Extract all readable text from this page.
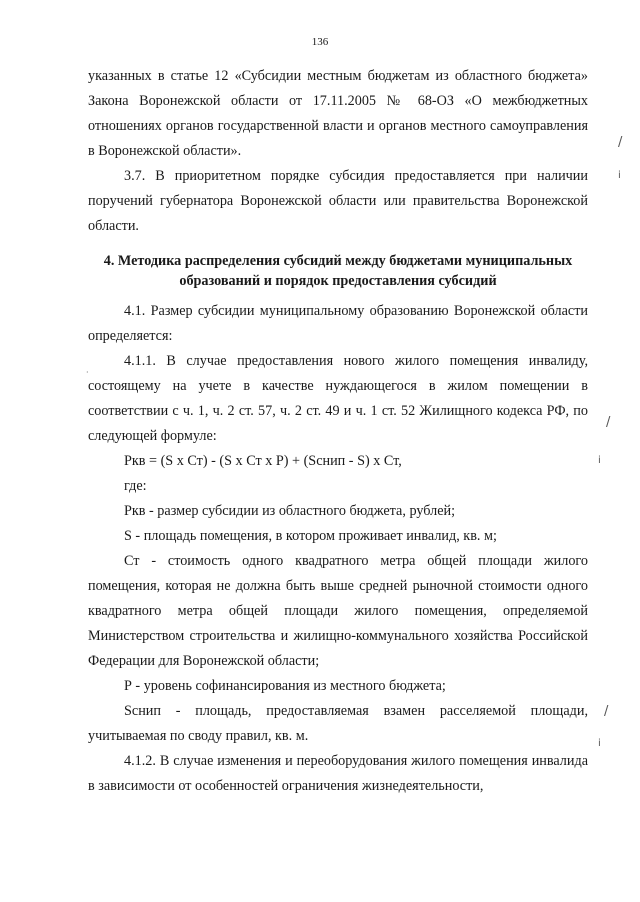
136

указанных в статье 12 «Субсидии местным бюджетам из областного бюджета» Закона Воронежской области от 17.11.2005 № 68-ОЗ «О межбюджетных отношениях органов государственной власти и органов местного самоуправления в Воронежской области».

3.7. В приоритетном порядке субсидия предоставляется при наличии поручений губернатора Воронежской области или правительства Воронежской области.

4. Методика распределения субсидий между бюджетами муниципальных образований и порядок предоставления субсидий

4.1. Размер субсидии муниципальному образованию Воронежской области определяется:

4.1.1. В случае предоставления нового жилого помещения инвалиду, состоящему на учете в качестве нуждающегося в жилом помещении в соответствии с ч. 1, ч. 2 ст. 57, ч. 2 ст. 49 и ч. 1 ст. 52 Жилищного кодекса РФ, по следующей формуле:

Ркв = (S х Ст) - (S х Ст х Р) + (Sснип - S) х Ст,

где:

Ркв - размер субсидии из областного бюджета, рублей;

S - площадь помещения, в котором проживает инвалид, кв. м;

Ст - стоимость одного квадратного метра общей площади жилого помещения, которая не должна быть выше средней рыночной стоимости одного квадратного метра общей площади жилого помещения, определяемой Министерством строительства и жилищно-коммунального хозяйства Российской Федерации для Воронежской области;

Р - уровень софинансирования из местного бюджета;

Sснип - площадь, предоставляемая взамен расселяемой площади, учитываемая по своду правил, кв. м.

4.1.2. В случае изменения и переоборудования жилого помещения инвалида в зависимости от особенностей ограничения жизнедеятельности,

/
ⅰ
/
ⅰ
/
ⅰ
·
